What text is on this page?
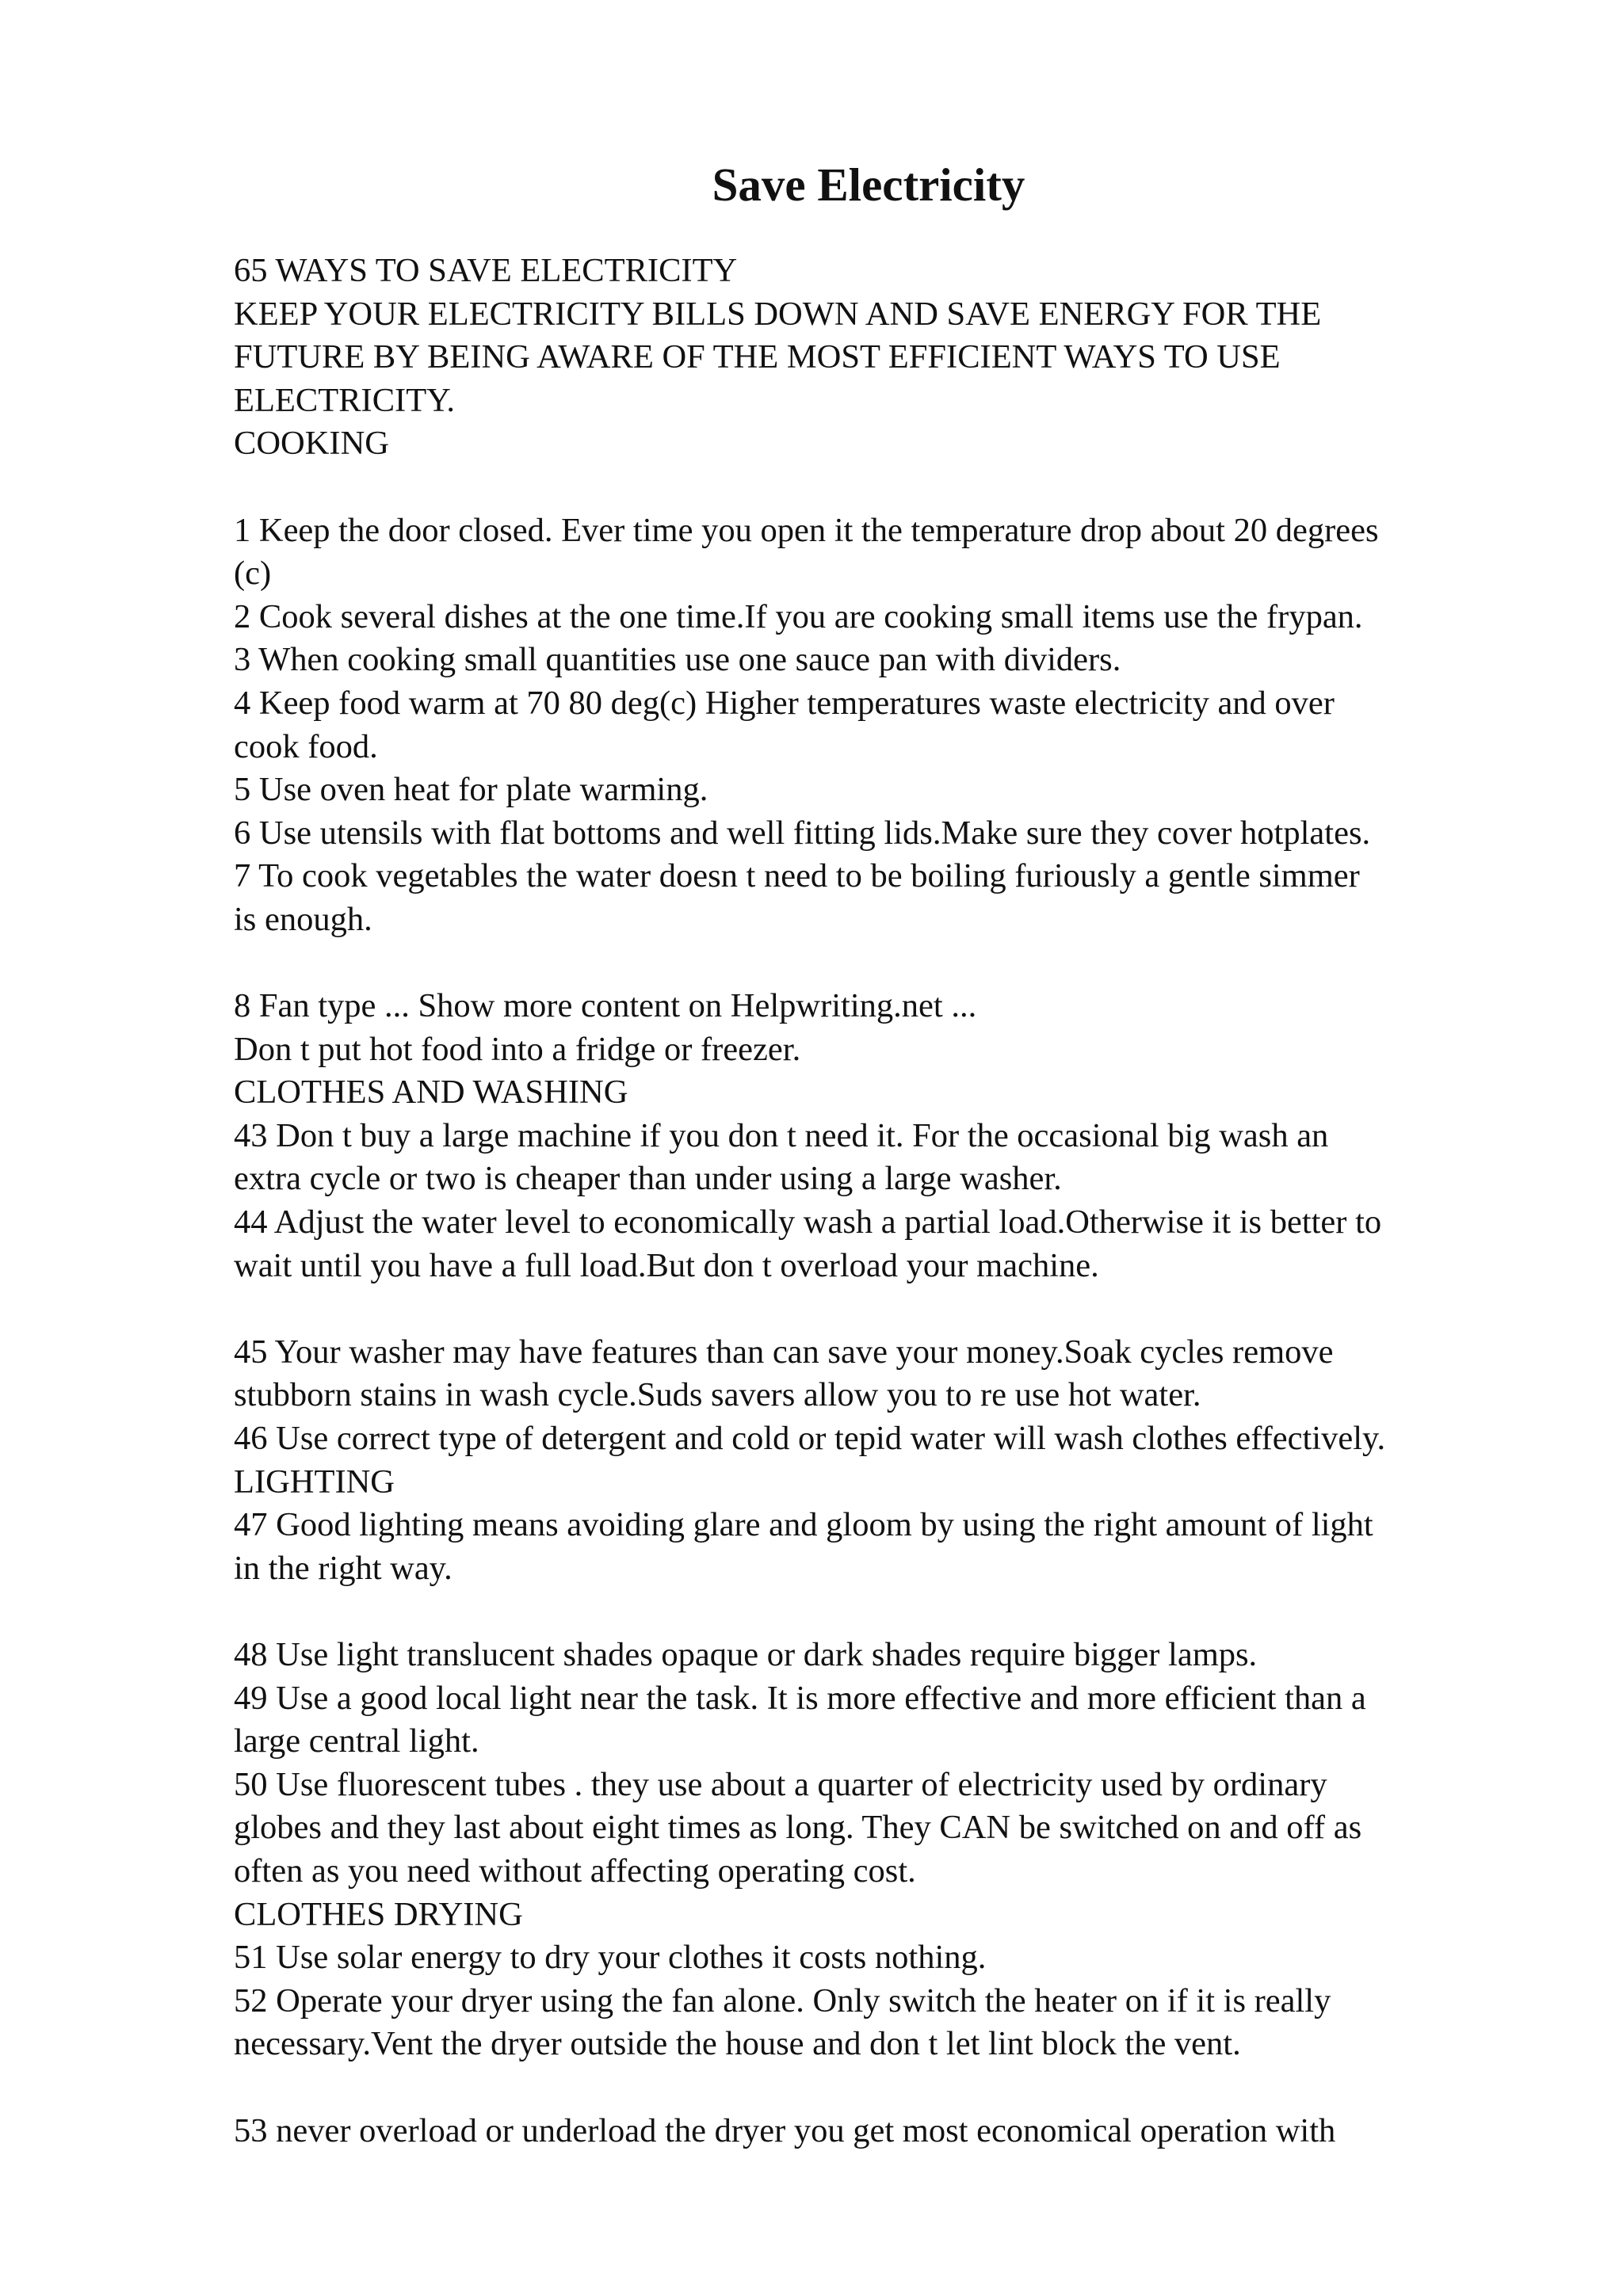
Save Electricity
65 WAYS TO SAVE ELECTRICITY
KEEP YOUR ELECTRICITY BILLS DOWN AND SAVE ENERGY FOR THE
FUTURE BY BEING AWARE OF THE MOST EFFICIENT WAYS TO USE
ELECTRICITY.
COOKING
1 Keep the door closed. Ever time you open it the temperature drop about 20 degrees
(c)
2 Cook several dishes at the one time.If you are cooking small items use the frypan.
3 When cooking small quantities use one sauce pan with dividers.
4 Keep food warm at 70 80 deg(c) Higher temperatures waste electricity and over
cook food.
5 Use oven heat for plate warming.
6 Use utensils with flat bottoms and well fitting lids.Make sure they cover hotplates.
7 To cook vegetables the water doesn t need to be boiling furiously a gentle simmer
is enough.
8 Fan type ... Show more content on Helpwriting.net ...
Don t put hot food into a fridge or freezer.
CLOTHES AND WASHING
43 Don t buy a large machine if you don t need it. For the occasional big wash an
extra cycle or two is cheaper than under using a large washer.
44 Adjust the water level to economically wash a partial load.Otherwise it is better to
wait until you have a full load.But don t overload your machine.
45 Your washer may have features than can save your money.Soak cycles remove
stubborn stains in wash cycle.Suds savers allow you to re use hot water.
46 Use correct type of detergent and cold or tepid water will wash clothes effectively.
LIGHTING
47 Good lighting means avoiding glare and gloom by using the right amount of light
in the right way.
48 Use light translucent shades opaque or dark shades require bigger lamps.
49 Use a good local light near the task. It is more effective and more efficient than a
large central light.
50 Use fluorescent tubes . they use about a quarter of electricity used by ordinary
globes and they last about eight times as long. They CAN be switched on and off as
often as you need without affecting operating cost.
CLOTHES DRYING
51 Use solar energy to dry your clothes it costs nothing.
52 Operate your dryer using the fan alone. Only switch the heater on if it is really
necessary.Vent the dryer outside the house and don t let lint block the vent.
53 never overload or underload the dryer you get most economical operation with
